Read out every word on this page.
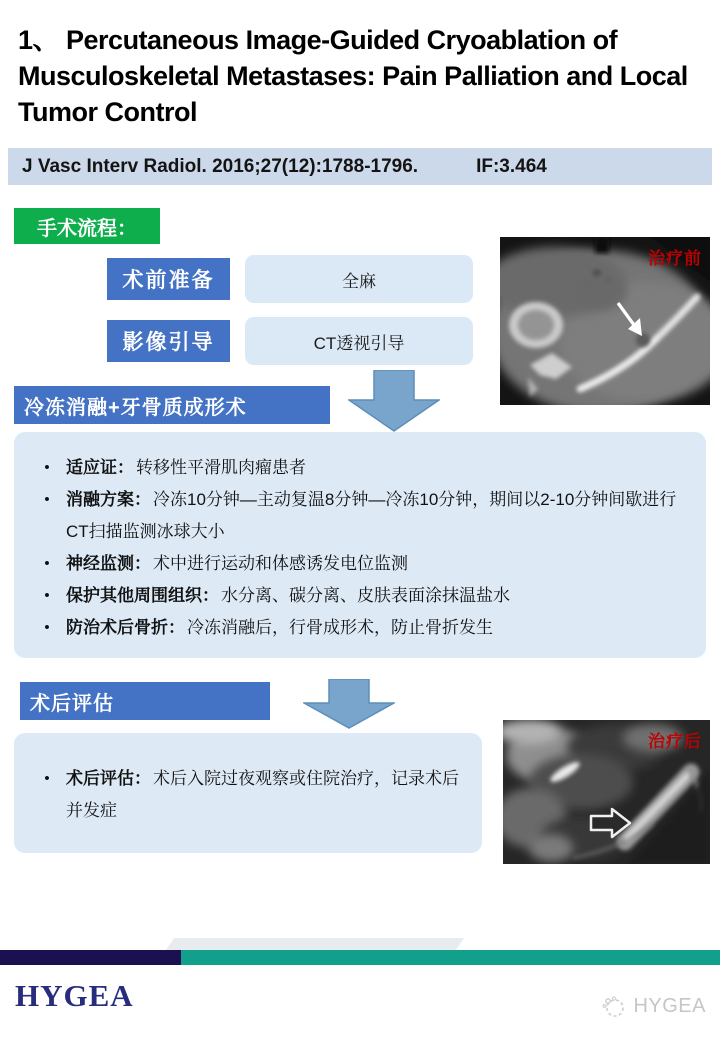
1、 Percutaneous Image-Guided Cryoablation of Musculoskeletal Metastases: Pain Palliation and Local Tumor Control
J Vasc Interv Radiol. 2016;27(12):1788-1796.	IF:3.464
手术流程：
术前准备	全麻
影像引导	CT透视引导
冷冻消融+牙骨质成形术
• 适应证： 转移性平滑肌肉瘤患者

• 消融方案： 冷冻10分钟—主动复温8分钟—冷冻10分钟，期间以2-10分钟间歇进行CT扫描监测冰球大小

• 神经监测： 术中进行运动和体感诱发电位监测

• 保护其他周围组织： 水分离、碳分离、皮肤表面涂抹温盐水

• 防治术后骨折： 冷冻消融后，行骨成形术，防止骨折发生

术后评估
• 术后评估： 术后入院过夜观察或住院治疗，记录术后并发症

治疗前
治疗后
HYGEA	HYGEA
